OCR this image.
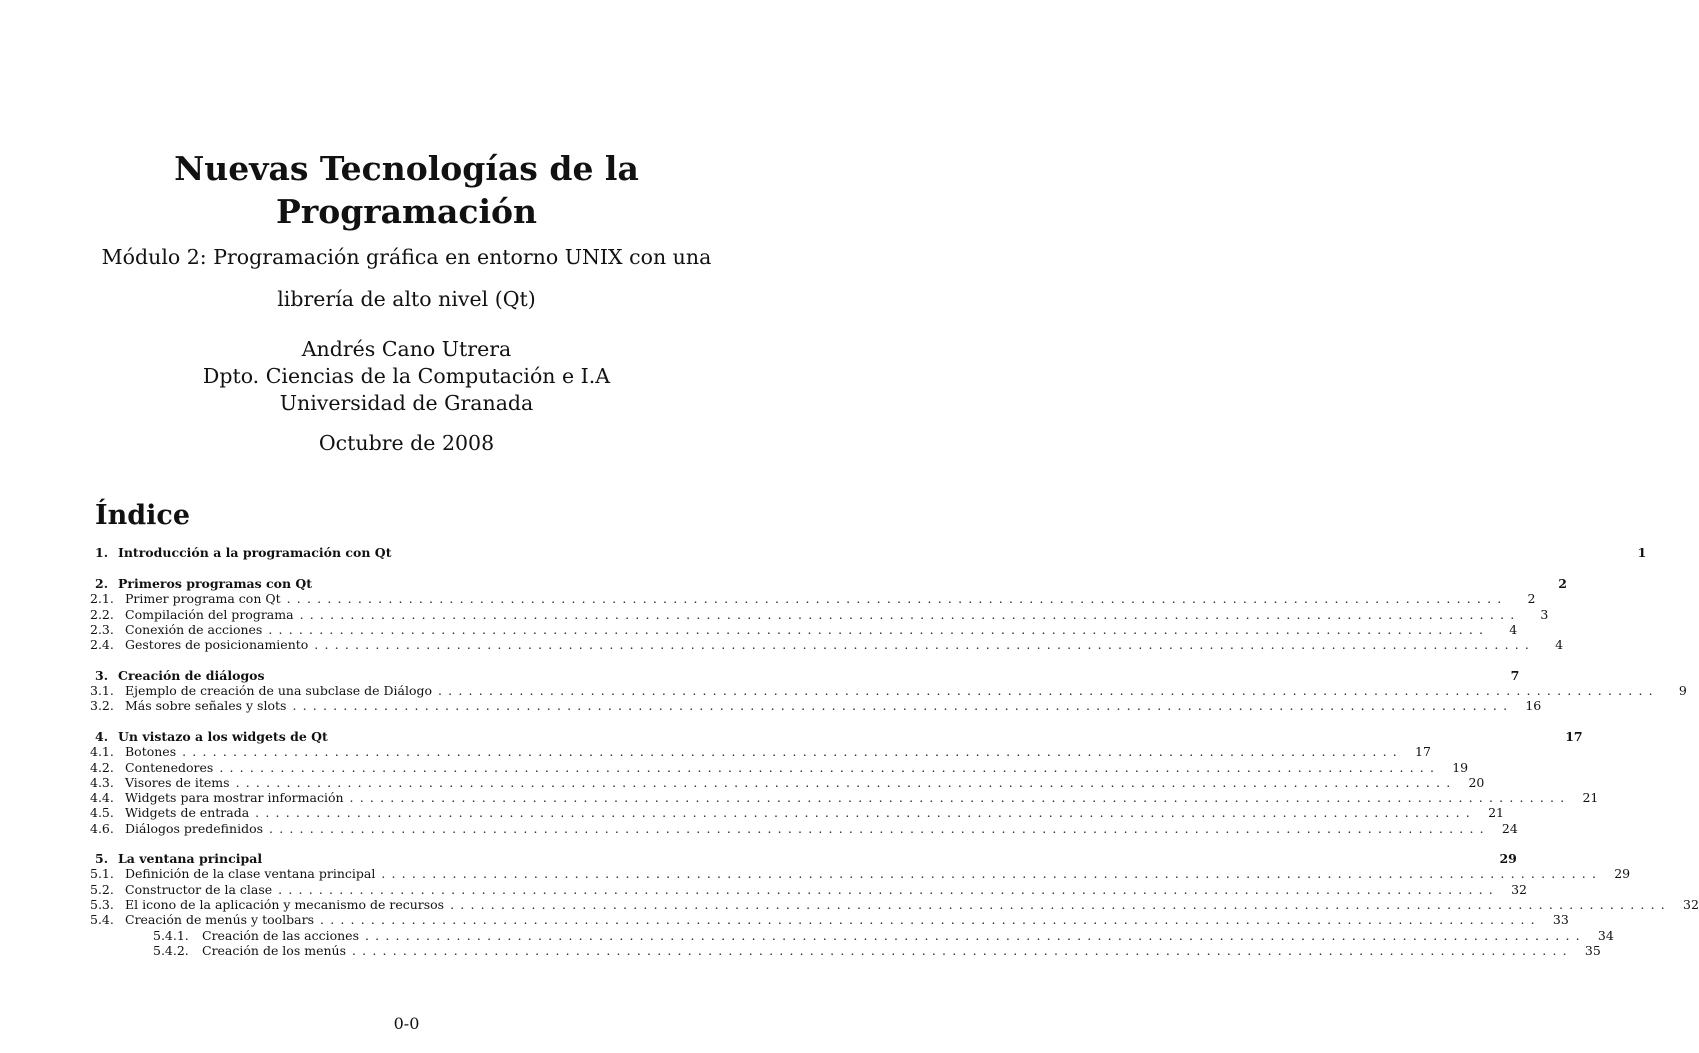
Nuevas Tecnologías de la
Programación

Módulo 2: Programación gráfica en entorno UNIX con una

librería de alto nivel (Qt)

Andrés Cano Utrera
Dpto. Ciencias de la Computación e I.A
Universidad de Granada
Octubre de 2008
Índice
1. Introducción a la programación con Qt	1
2. Primeros programas con Qt	2
2.1. Primer programa con Qt ........................................................................................................................	2
2.2. Compilación del programa ........................................................................................................................	3
2.3. Conexión de acciones ........................................................................................................................	4
2.4. Gestores de posicionamiento ........................................................................................................................	4
3. Creación de diálogos	7
3.1. Ejemplo de creación de una subclase de Diálogo ........................................................................................................................	9
3.2. Más sobre señales y slots ........................................................................................................................ 16
4. Un vistazo a los widgets de Qt	17
4.1. Botones ........................................................................................................................ 17
4.2. Contenedores ........................................................................................................................ 19
4.3. Visores de items ........................................................................................................................ 20
4.4. Widgets para mostrar información ........................................................................................................................ 21
4.5. Widgets de entrada ........................................................................................................................ 21
4.6. Diálogos predefinidos ........................................................................................................................ 24
5. La ventana principal	29
5.1. Definición de la clase ventana principal ........................................................................................................................ 29
5.2. Constructor de la clase ........................................................................................................................ 32
5.3. El icono de la aplicación y mecanismo de recursos ........................................................................................................................ 32
5.4. Creación de menús y toolbars ........................................................................................................................ 33
5.4.1.	Creación de las acciones ........................................................................................................................ 34
5.4.2.	Creación de los menús ........................................................................................................................ 35
0-0
